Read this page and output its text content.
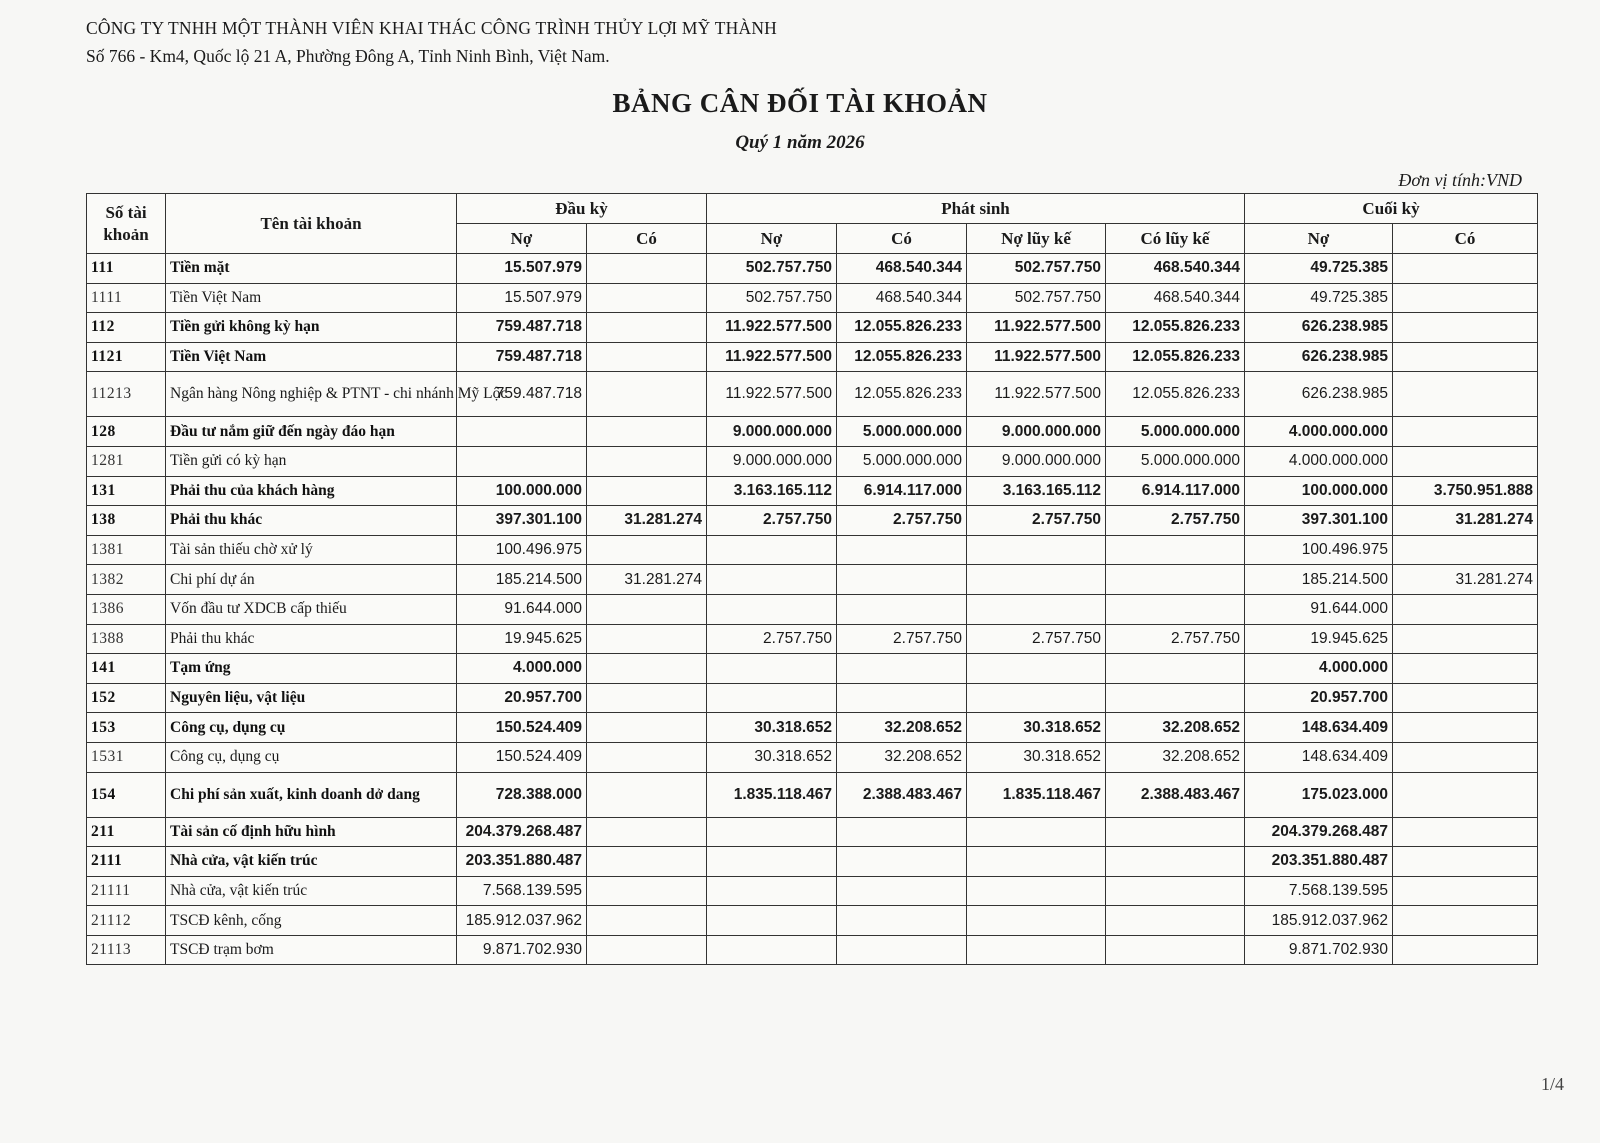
CÔNG TY TNHH MỘT THÀNH VIÊN KHAI THÁC CÔNG TRÌNH THỦY LỢI MỸ THÀNH
Số 766 - Km4, Quốc lộ 21 A, Phường Đông A, Tỉnh Ninh Bình, Việt Nam.
BẢNG CÂN ĐỐI TÀI KHOẢN
Quý 1 năm 2026
Đơn vị tính:VND
Số tài khoản	Tên tài khoản	Đầu kỳ		Phát sinh				Cuối kỳ	
		Nợ	Có	Nợ	Có	Nợ lũy kế	Có lũy kế	Nợ	Có
111	Tiền mặt	15.507.979		502.757.750	468.540.344	502.757.750	468.540.344	49.725.385	
1111	Tiền Việt Nam	15.507.979		502.757.750	468.540.344	502.757.750	468.540.344	49.725.385	
112	Tiền gửi không kỳ hạn	759.487.718		11.922.577.500	12.055.826.233	11.922.577.500	12.055.826.233	626.238.985	
1121	Tiền Việt Nam	759.487.718		11.922.577.500	12.055.826.233	11.922.577.500	12.055.826.233	626.238.985	
11213	Ngân hàng Nông nghiệp & PTNT - chi nhánh Mỹ Lộc	759.487.718		11.922.577.500	12.055.826.233	11.922.577.500	12.055.826.233	626.238.985	
128	Đầu tư nắm giữ đến ngày đáo hạn			9.000.000.000	5.000.000.000	9.000.000.000	5.000.000.000	4.000.000.000	
1281	Tiền gửi có kỳ hạn			9.000.000.000	5.000.000.000	9.000.000.000	5.000.000.000	4.000.000.000	
131	Phải thu của khách hàng	100.000.000		3.163.165.112	6.914.117.000	3.163.165.112	6.914.117.000	100.000.000	3.750.951.888
138	Phải thu khác	397.301.100	31.281.274	2.757.750	2.757.750	2.757.750	2.757.750	397.301.100	31.281.274
1381	Tài sản thiếu chờ xử lý	100.496.975						100.496.975	
1382	Chi phí dự án	185.214.500	31.281.274					185.214.500	31.281.274
1386	Vốn đầu tư XDCB cấp thiếu	91.644.000						91.644.000	
1388	Phải thu khác	19.945.625		2.757.750	2.757.750	2.757.750	2.757.750	19.945.625	
141	Tạm ứng	4.000.000						4.000.000	
152	Nguyên liệu, vật liệu	20.957.700						20.957.700	
153	Công cụ, dụng cụ	150.524.409		30.318.652	32.208.652	30.318.652	32.208.652	148.634.409	
1531	Công cụ, dụng cụ	150.524.409		30.318.652	32.208.652	30.318.652	32.208.652	148.634.409	
154	Chi phí sản xuất, kinh doanh dở dang	728.388.000		1.835.118.467	2.388.483.467	1.835.118.467	2.388.483.467	175.023.000	
211	Tài sản cố định hữu hình	204.379.268.487						204.379.268.487	
2111	Nhà cửa, vật kiến trúc	203.351.880.487						203.351.880.487	
21111	Nhà cửa, vật kiến trúc	7.568.139.595						7.568.139.595	
21112	TSCĐ kênh, cống	185.912.037.962						185.912.037.962	
21113	TSCĐ trạm bơm	9.871.702.930						9.871.702.930	
1/4
